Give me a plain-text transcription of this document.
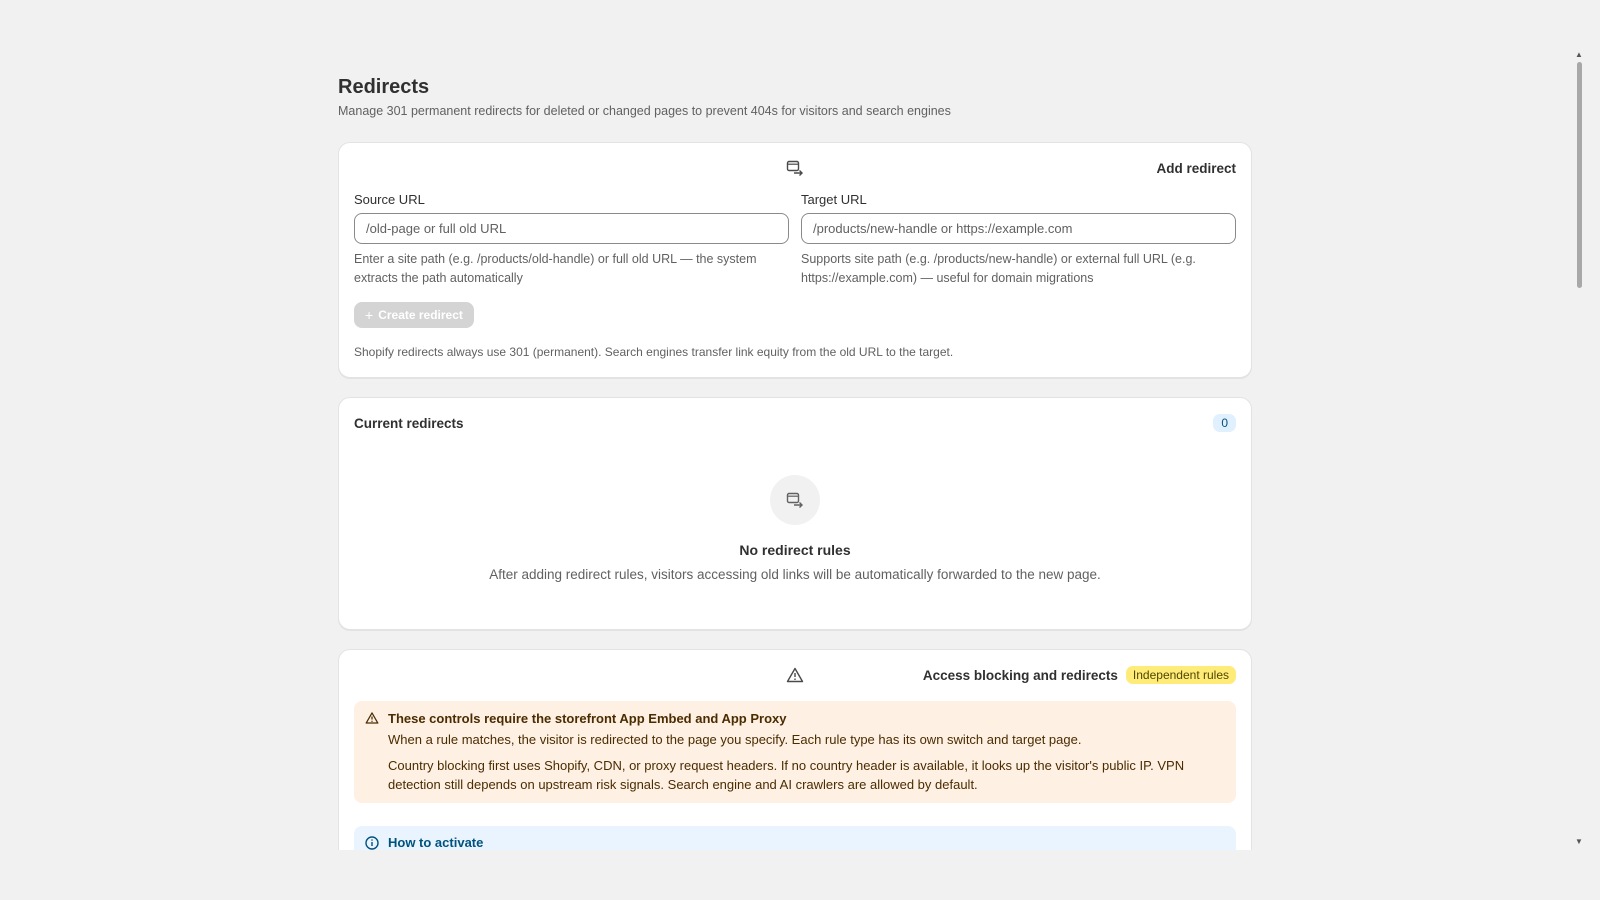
Redirects

Manage 301 permanent redirects for deleted or changed pages to prevent 404s for visitors and search engines

Add redirect
Source URL
/old-page or full old URL
Enter a site path (e.g. /products/old-handle) or full old URL — the system extracts the path automatically
Target URL
/products/new-handle or https://example.com
Supports site path (e.g. /products/new-handle) or external full URL (e.g. https://example.com) — useful for domain migrations
+ Create redirect

Shopify redirects always use 301 (permanent). Search engines transfer link equity from the old URL to the target.

Current redirects	0
No redirect rules
After adding redirect rules, visitors accessing old links will be automatically forwarded to the new page.
Access blocking and redirects	Independent rules
These controls require the storefront App Embed and App Proxy
When a rule matches, the visitor is redirected to the page you specify. Each rule type has its own switch and target page.
Country blocking first uses Shopify, CDN, or proxy request headers. If no country header is available, it looks up the visitor's public IP. VPN detection still depends on upstream risk signals. Search engine and AI crawlers are allowed by default.
How to activate
▲
▼
